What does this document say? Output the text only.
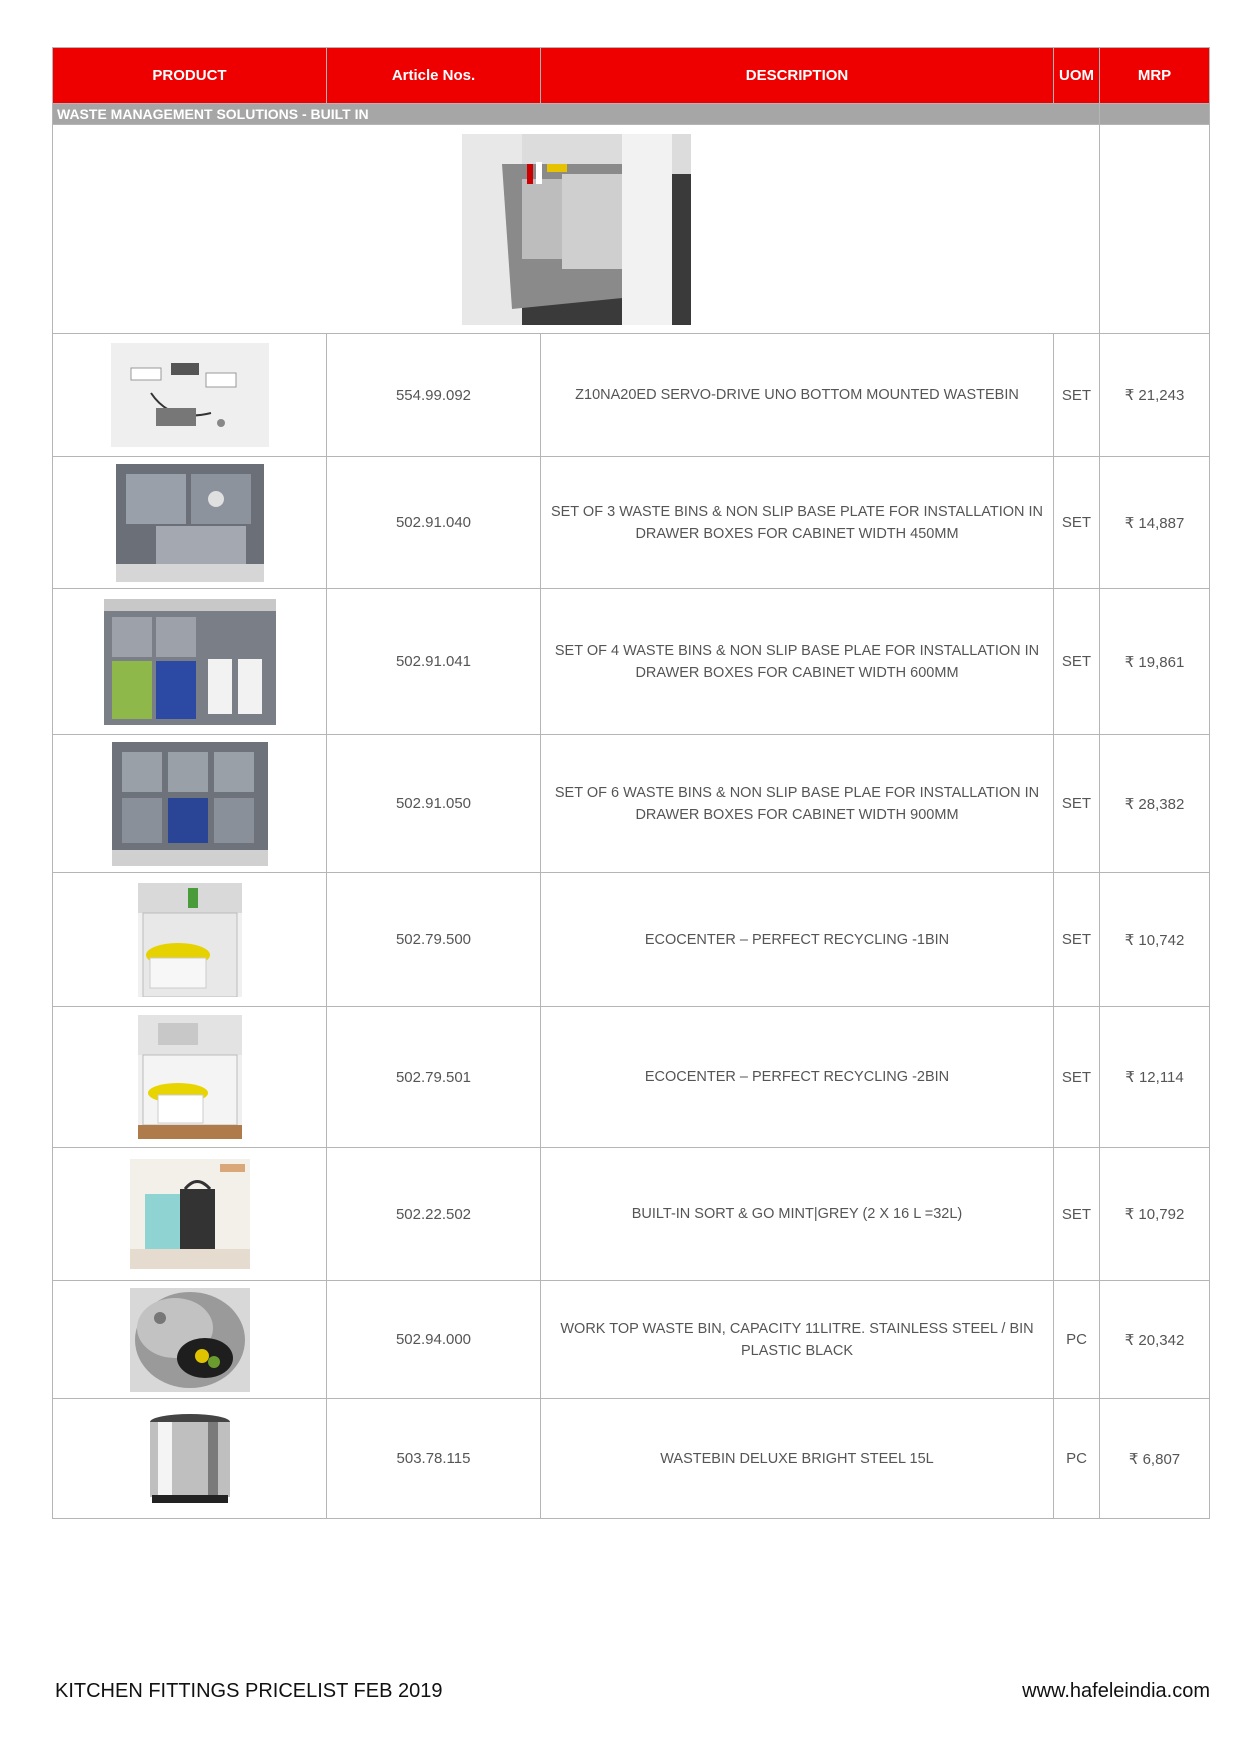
PRODUCT	Article Nos.	DESCRIPTION	UOM	MRP
WASTE MANAGEMENT SOLUTIONS - BUILT IN				

	554.99.092	Z10NA20ED SERVO-DRIVE UNO BOTTOM MOUNTED WASTEBIN	SET	₹ 21,243

	502.91.040	SET OF 3 WASTE BINS & NON SLIP BASE PLATE FOR INSTALLATION IN DRAWER BOXES FOR CABINET WIDTH 450MM	SET	₹ 14,887

	502.91.041	SET OF 4 WASTE BINS & NON SLIP BASE PLAE FOR INSTALLATION IN DRAWER BOXES FOR CABINET WIDTH 600MM	SET	₹ 19,861

	502.91.050	SET OF 6 WASTE BINS & NON SLIP BASE PLAE FOR INSTALLATION IN DRAWER BOXES FOR CABINET WIDTH 900MM	SET	₹ 28,382

	502.79.500	ECOCENTER – PERFECT RECYCLING -1BIN	SET	₹ 10,742

	502.79.501	ECOCENTER – PERFECT RECYCLING -2BIN	SET	₹ 12,114

	502.22.502	BUILT-IN SORT & GO MINT|GREY (2 X 16 L =32L)	SET	₹ 10,792

	502.94.000	WORK TOP WASTE BIN, CAPACITY 11LITRE. STAINLESS STEEL / BIN PLASTIC BLACK	PC	₹ 20,342

	503.78.115	WASTEBIN DELUXE BRIGHT STEEL 15L	PC	₹ 6,807
KITCHEN FITTINGS PRICELIST FEB 2019	www.hafeleindia.com
